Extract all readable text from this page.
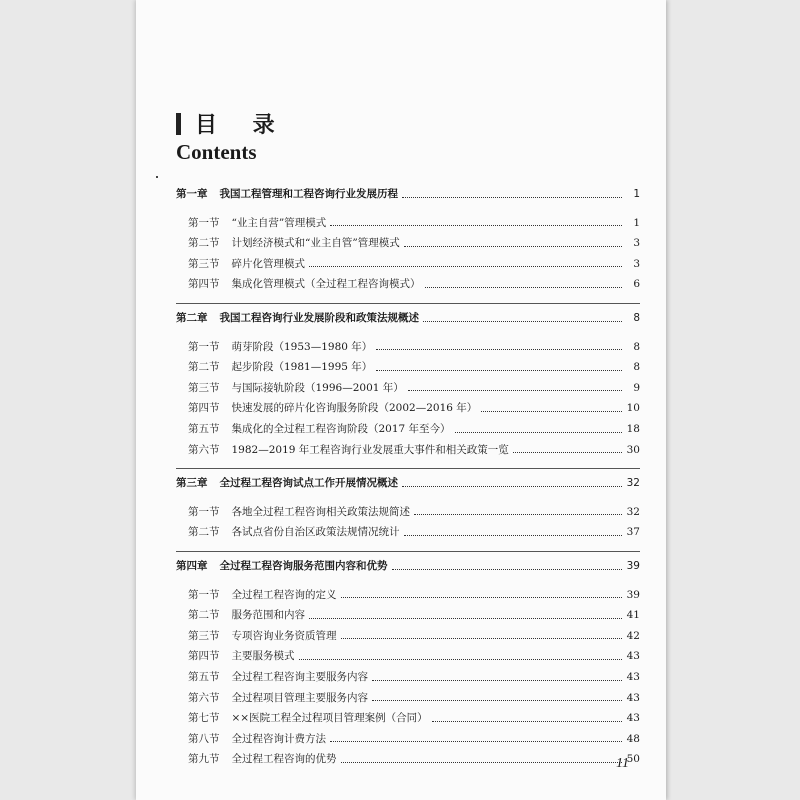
目 录
Contents
第一章 我国工程管理和工程咨询行业发展历程	1
第一节 “业主自营”管理模式	1
第二节 计划经济模式和“业主自管”管理模式	3
第三节 碎片化管理模式	3
第四节 集成化管理模式（全过程工程咨询模式）	6
第二章 我国工程咨询行业发展阶段和政策法规概述	8
第一节 萌芽阶段（1953—1980 年）	8
第二节 起步阶段（1981—1995 年）	8
第三节 与国际接轨阶段（1996—2001 年）	9
第四节 快速发展的碎片化咨询服务阶段（2002—2016 年）	10
第五节 集成化的全过程工程咨询阶段（2017 年至今）	18
第六节 1982—2019 年工程咨询行业发展重大事件和相关政策一览	30
第三章 全过程工程咨询试点工作开展情况概述	32
第一节 各地全过程工程咨询相关政策法规简述	32
第二节 各试点省份自治区政策法规情况统计	37
第四章 全过程工程咨询服务范围内容和优势	39
第一节 全过程工程咨询的定义	39
第二节 服务范围和内容	41
第三节 专项咨询业务资质管理	42
第四节 主要服务模式	43
第五节 全过程工程咨询主要服务内容	43
第六节 全过程项目管理主要服务内容	43
第七节 ××医院工程全过程项目管理案例（合同）	43
第八节 全过程咨询计费方法	48
第九节 全过程工程咨询的优势	50
11
